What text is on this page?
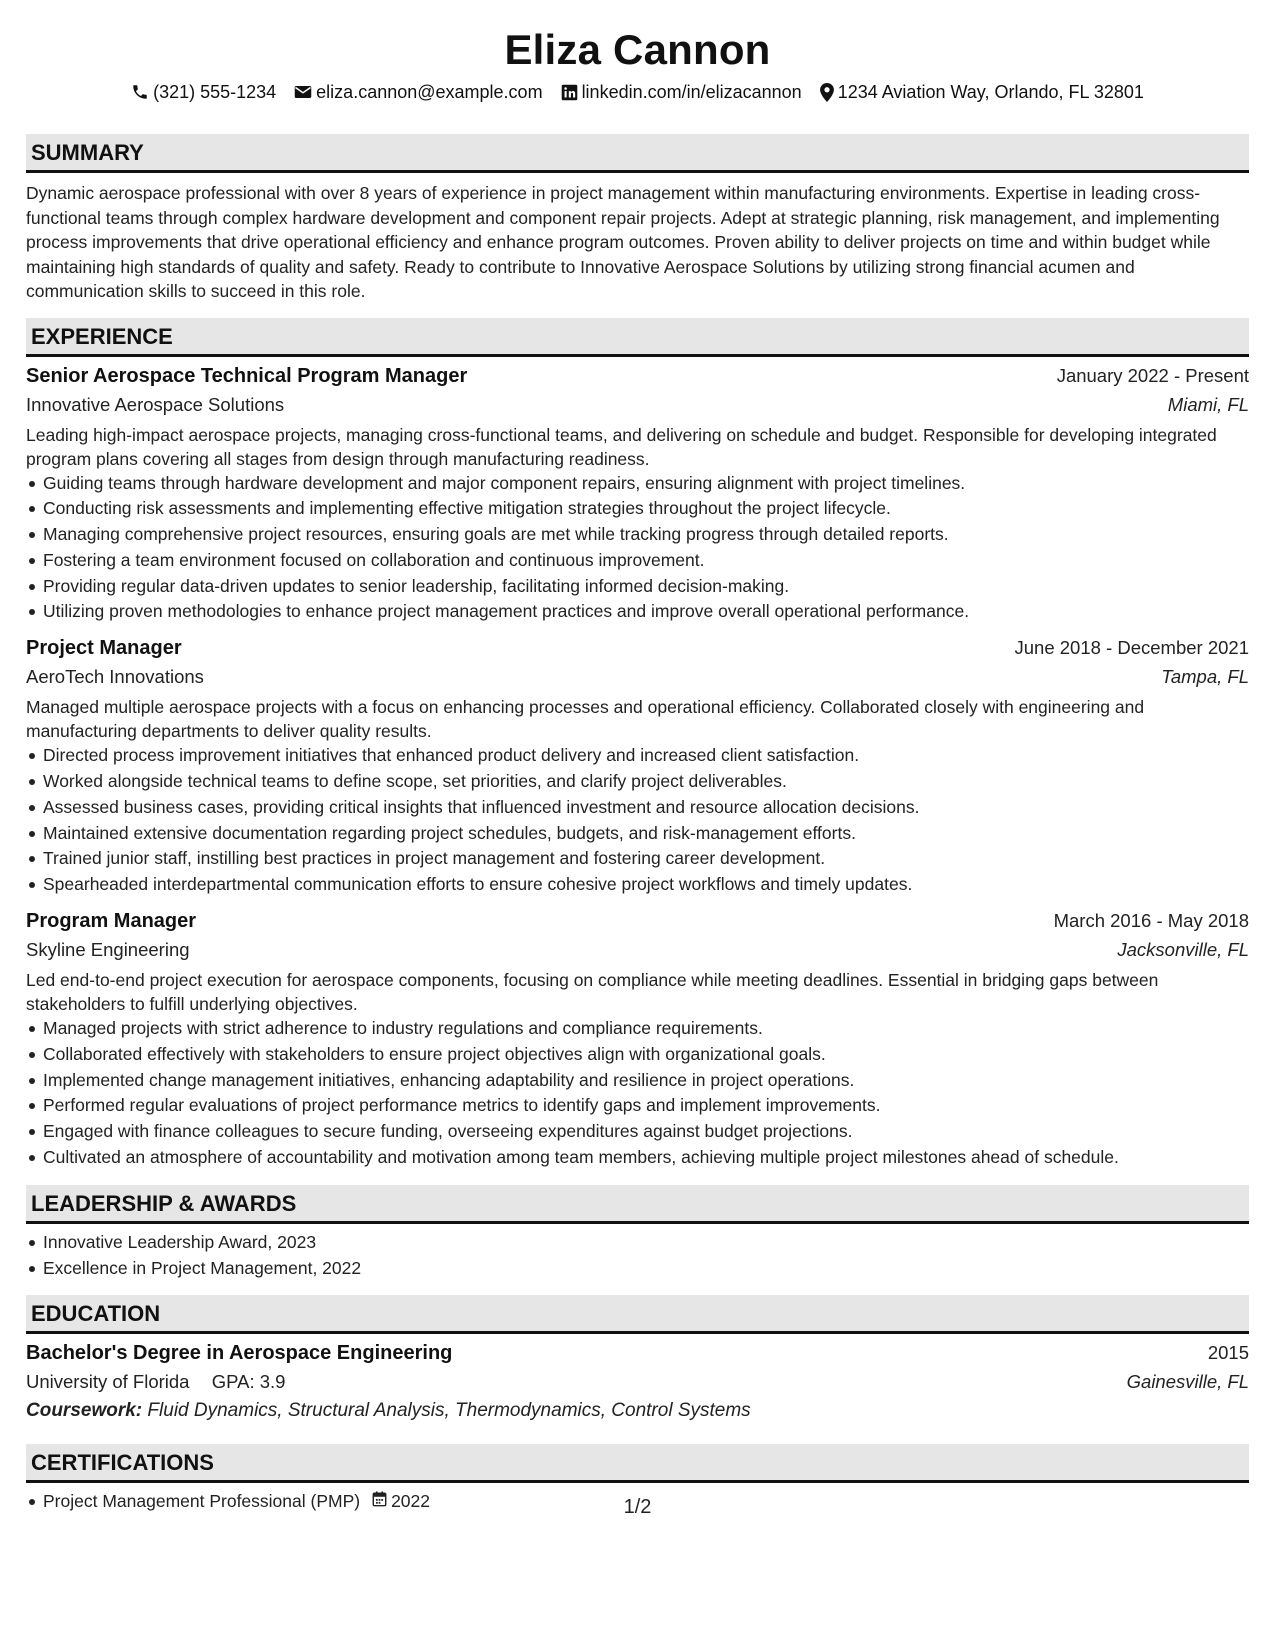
Eliza Cannon
(321) 555-1234 eliza.cannon@example.com linkedin.com/in/elizacannon 1234 Aviation Way, Orlando, FL 32801
SUMMARY

Dynamic aerospace professional with over 8 years of experience in project management within manufacturing environments. Expertise in leading cross-functional teams through complex hardware development and component repair projects. Adept at strategic planning, risk management, and implementing process improvements that drive operational efficiency and enhance program outcomes. Proven ability to deliver projects on time and within budget while maintaining high standards of quality and safety. Ready to contribute to Innovative Aerospace Solutions by utilizing strong financial acumen and communication skills to succeed in this role.

EXPERIENCE
Senior Aerospace Technical Program Manager	January 2022 - Present
Innovative Aerospace Solutions	Miami, FL
Leading high-impact aerospace projects, managing cross-functional teams, and delivering on schedule and budget. Responsible for developing integrated program plans covering all stages from design through manufacturing readiness.
Guiding teams through hardware development and major component repairs, ensuring alignment with project timelines.
Conducting risk assessments and implementing effective mitigation strategies throughout the project lifecycle.
Managing comprehensive project resources, ensuring goals are met while tracking progress through detailed reports.
Fostering a team environment focused on collaboration and continuous improvement.
Providing regular data-driven updates to senior leadership, facilitating informed decision-making.
Utilizing proven methodologies to enhance project management practices and improve overall operational performance.
Project Manager	June 2018 - December 2021
AeroTech Innovations	Tampa, FL
Managed multiple aerospace projects with a focus on enhancing processes and operational efficiency. Collaborated closely with engineering and manufacturing departments to deliver quality results.
Directed process improvement initiatives that enhanced product delivery and increased client satisfaction.
Worked alongside technical teams to define scope, set priorities, and clarify project deliverables.
Assessed business cases, providing critical insights that influenced investment and resource allocation decisions.
Maintained extensive documentation regarding project schedules, budgets, and risk-management efforts.
Trained junior staff, instilling best practices in project management and fostering career development.
Spearheaded interdepartmental communication efforts to ensure cohesive project workflows and timely updates.
Program Manager	March 2016 - May 2018
Skyline Engineering	Jacksonville, FL
Led end-to-end project execution for aerospace components, focusing on compliance while meeting deadlines. Essential in bridging gaps between stakeholders to fulfill underlying objectives.
Managed projects with strict adherence to industry regulations and compliance requirements.
Collaborated effectively with stakeholders to ensure project objectives align with organizational goals.
Implemented change management initiatives, enhancing adaptability and resilience in project operations.
Performed regular evaluations of project performance metrics to identify gaps and implement improvements.
Engaged with finance colleagues to secure funding, overseeing expenditures against budget projections.
Cultivated an atmosphere of accountability and motivation among team members, achieving multiple project milestones ahead of schedule.
LEADERSHIP & AWARDS
Innovative Leadership Award, 2023
Excellence in Project Management, 2022
EDUCATION
Bachelor's Degree in Aerospace Engineering	2015
University of Florida GPA: 3.9	Gainesville, FL
Coursework: Fluid Dynamics, Structural Analysis, Thermodynamics, Control Systems
CERTIFICATIONS
Project Management Professional (PMP) 2022	1/2
